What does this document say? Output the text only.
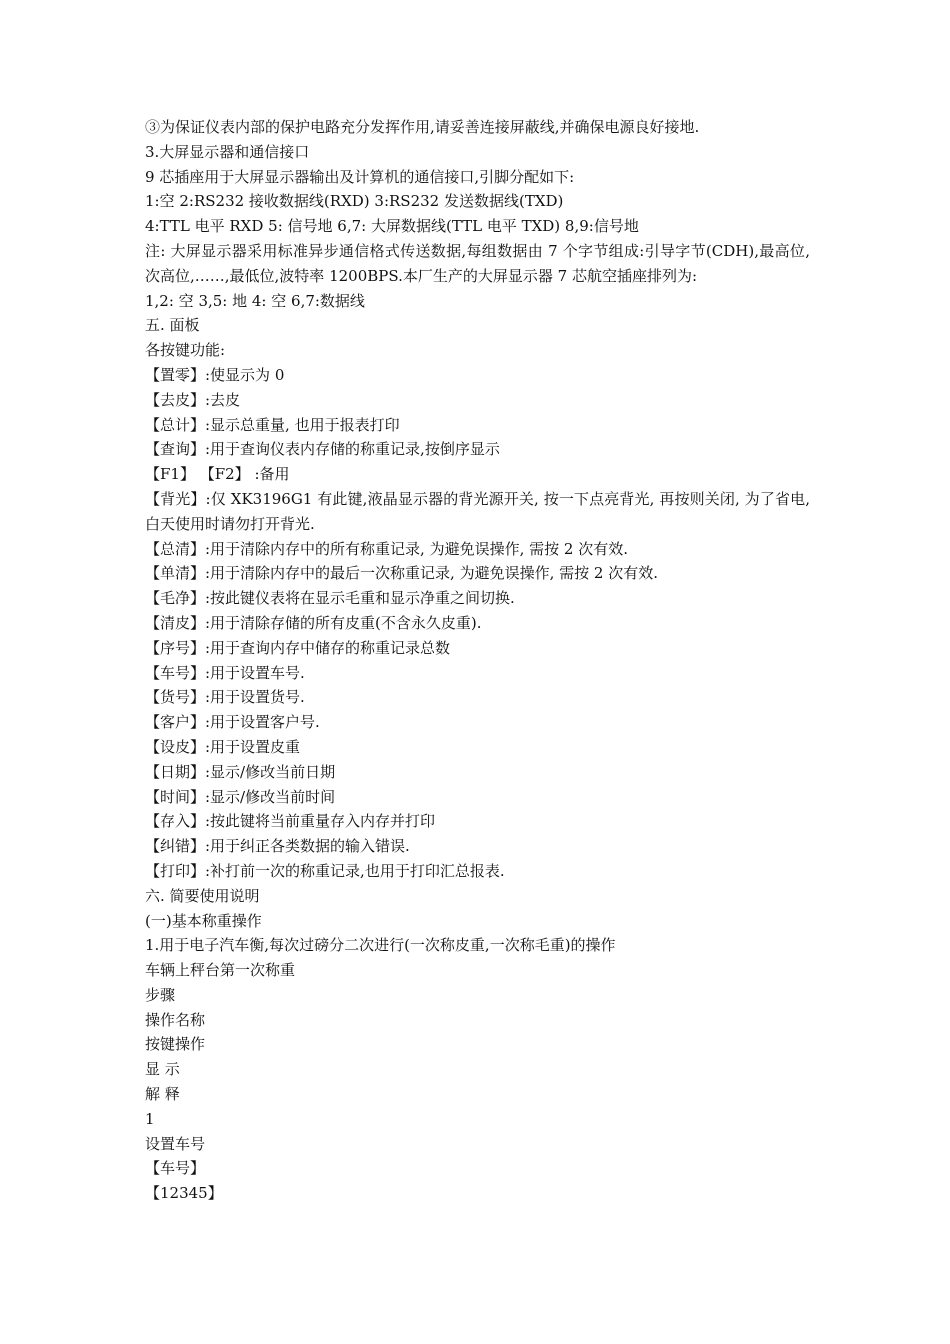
③为保证仪表内部的保护电路充分发挥作用,请妥善连接屏蔽线,并确保电源良好接地.
3.大屏显示器和通信接口
9 芯插座用于大屏显示器输出及计算机的通信接口,引脚分配如下:
1:空 2:RS232 接收数据线(RXD) 3:RS232 发送数据线(TXD)
4:TTL 电平 RXD 5: 信号地 6,7: 大屏数据线(TTL 电平 TXD) 8,9:信号地
注: 大屏显示器采用标准异步通信格式传送数据,每组数据由 7 个字节组成:引导字节(CDH),最高位,次高位,……,最低位,波特率 1200BPS.本厂生产的大屏显示器 7 芯航空插座排列为:
1,2: 空 3,5: 地 4: 空 6,7:数据线
五. 面板
各按键功能:
【置零】:使显示为 0
【去皮】:去皮
【总计】:显示总重量, 也用于报表打印
【查询】:用于查询仪表内存储的称重记录,按倒序显示
【F1】 【F2】 :备用
【背光】:仅 XK3196G1 有此键,液晶显示器的背光源开关, 按一下点亮背光, 再按则关闭, 为了省电, 白天使用时请勿打开背光.
【总清】:用于清除内存中的所有称重记录, 为避免误操作, 需按 2 次有效.
【单清】:用于清除内存中的最后一次称重记录, 为避免误操作, 需按 2 次有效.
【毛净】:按此键仪表将在显示毛重和显示净重之间切换.
【清皮】:用于清除存储的所有皮重(不含永久皮重).
【序号】:用于查询内存中储存的称重记录总数
【车号】:用于设置车号.
【货号】:用于设置货号.
【客户】:用于设置客户号.
【设皮】:用于设置皮重
【日期】:显示/修改当前日期
【时间】:显示/修改当前时间
【存入】:按此键将当前重量存入内存并打印
【纠错】:用于纠正各类数据的输入错误.
【打印】:补打前一次的称重记录,也用于打印汇总报表.
六. 简要使用说明
(一)基本称重操作
1.用于电子汽车衡,每次过磅分二次进行(一次称皮重,一次称毛重)的操作
车辆上秤台第一次称重
步骤
操作名称
按键操作
显 示
解 释
1
设置车号
【车号】
【12345】
